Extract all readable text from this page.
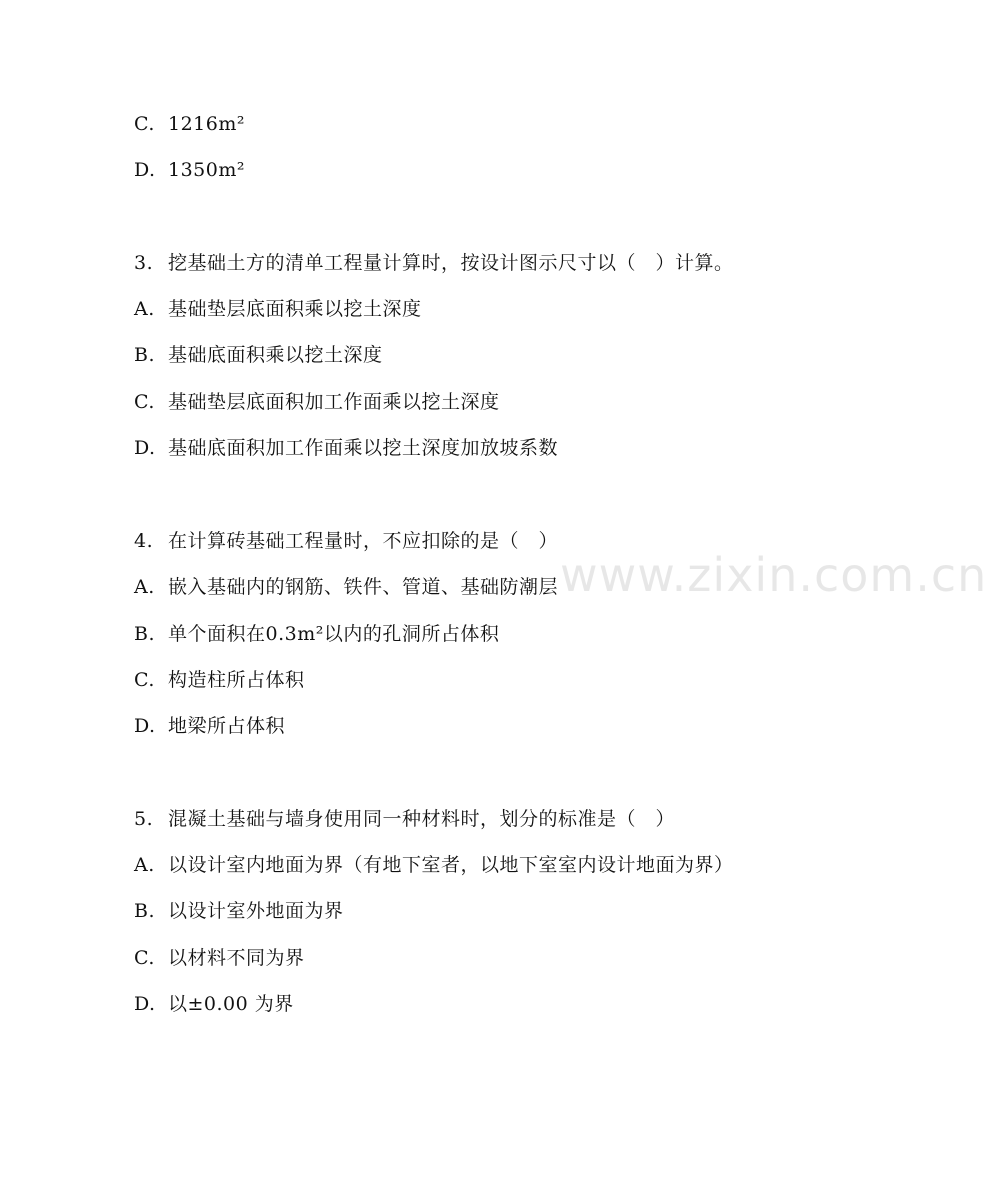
www.zixin.com.cn

C. 1216m²

D. 1350m²

3. 挖基础土方的清单工程量计算时，按设计图示尺寸以（　）计算。

A. 基础垫层底面积乘以挖土深度

B. 基础底面积乘以挖土深度

C. 基础垫层底面积加工作面乘以挖土深度

D. 基础底面积加工作面乘以挖土深度加放坡系数

4. 在计算砖基础工程量时，不应扣除的是（　）

A. 嵌入基础内的钢筋、铁件、管道、基础防潮层

B. 单个面积在0.3m²以内的孔洞所占体积

C. 构造柱所占体积

D. 地梁所占体积

5. 混凝土基础与墙身使用同一种材料时，划分的标准是（　）

A. 以设计室内地面为界（有地下室者，以地下室室内设计地面为界）

B. 以设计室外地面为界

C. 以材料不同为界

D. 以±0.00 为界
